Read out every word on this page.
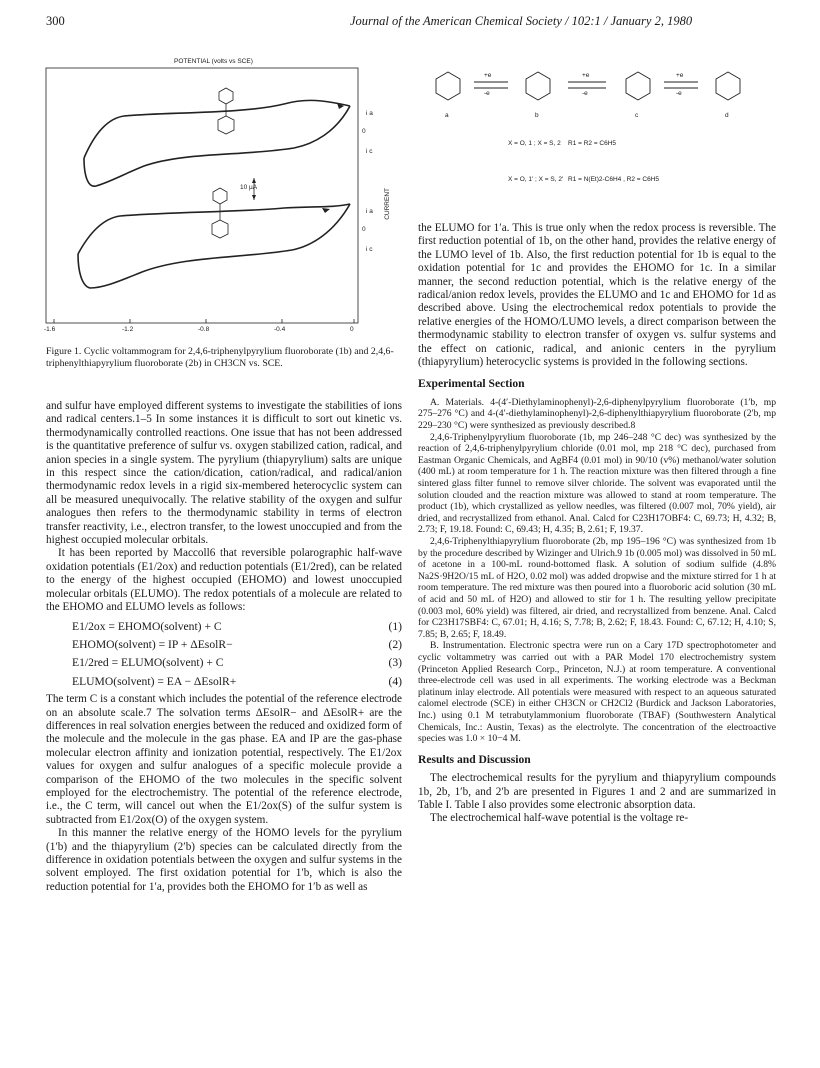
300	Journal of the American Chemical Society / 102:1 / January 2, 1980
POTENTIAL (volts vs SCE)
10 μA
CURRENT
i a
0
i c
i a
0
i c
-1.6	-1.2	-0.8	-0.4	0
Figure 1. Cyclic voltammogram for 2,4,6-triphenylpyrylium fluoroborate (1b) and 2,4,6-triphenylthiapyrylium fluoroborate (2b) in CH3CN vs. SCE.
+e
-e
+e
-e
+e
-e
a	b	c	d
X = O, 1 ; X = S, 2 R1 = R2 = C6H5
X = O, 1′ ; X = S, 2′ R1 = N(Et)2-C6H4 , R2 = C6H5

and sulfur have employed different systems to investigate the stabilities of ions and radical centers.1–5 In some instances it is difficult to sort out kinetic vs. thermodynamically controlled reactions. One issue that has not been addressed is the quantitative preference of sulfur vs. oxygen stabilized cation, radical, and anion species in a single system. The pyrylium (thiapyrylium) salts are unique in this respect since the cation/dication, cation/radical, and radical/anion thermodynamic redox levels in a rigid six-membered heterocyclic system can all be measured unequivocally. The relative stability of the oxygen and sulfur analogues then refers to the thermodynamic stability in terms of electron transfer reactivity, i.e., electron transfer, to the lowest unoccupied and from the highest occupied molecular orbitals.

It has been reported by Maccoll6 that reversible polarographic half-wave oxidation potentials (E1/2ox) and reduction potentials (E1/2red), can be related to the energy of the highest occupied (EHOMO) and lowest unoccupied molecular orbitals (ELUMO). The redox potentials of a molecule are related to the EHOMO and ELUMO levels as follows:

E1/2ox = EHOMO(solvent) + C	(1)
EHOMO(solvent) = IP + ΔEsolR−	(2)
E1/2red = ELUMO(solvent) + C	(3)
ELUMO(solvent) = EA − ΔEsolR+	(4)

The term C is a constant which includes the potential of the reference electrode on an absolute scale.7 The solvation terms ΔEsolR− and ΔEsolR+ are the differences in real solvation energies between the reduced and oxidized form of the molecule and the molecule in the gas phase. EA and IP are the gas-phase molecular electron affinity and ionization potential, respectively. The E1/2ox values for oxygen and sulfur analogues of a specific molecule provide a comparison of the EHOMO of the two molecules in the specific solvent employed for the electrochemistry. The potential of the reference electrode, i.e., the C term, will cancel out when the E1/2ox(S) of the sulfur system is subtracted from E1/2ox(O) of the oxygen system.

In this manner the relative energy of the HOMO levels for the pyrylium (1′b) and the thiapyrylium (2′b) species can be calculated directly from the difference in oxidation potentials between the oxygen and sulfur systems in the solvent employed. The first oxidation potential for 1′b, which is also the reduction potential for 1′a, provides both the EHOMO for 1′b as well as

the ELUMO for 1′a. This is true only when the redox process is reversible. The first reduction potential of 1b, on the other hand, provides the relative energy of the LUMO level of 1b. Also, the first reduction potential for 1b is equal to the oxidation potential for 1c and provides the EHOMO for 1c. In a similar manner, the second reduction potential, which is the relative energy of the radical/anion redox levels, provides the ELUMO and 1c and EHOMO for 1d as described above. Using the electrochemical redox potentials to provide the relative energies of the HOMO/LUMO levels, a direct comparison between the thermodynamic stability to electron transfer of oxygen vs. sulfur systems and the effect on cationic, radical, and anionic centers in the pyrylium (thiapyrylium) heterocyclic systems is provided in the following sections.

Experimental Section

A. Materials. 4-(4′-Diethylaminophenyl)-2,6-diphenylpyrylium fluoroborate (1′b, mp 275–276 °C) and 4-(4′-diethylaminophenyl)-2,6-diphenylthiapyrylium fluoroborate (2′b, mp 229–230 °C) were synthesized as previously described.8

2,4,6-Triphenylpyrylium fluoroborate (1b, mp 246–248 °C dec) was synthesized by the reaction of 2,4,6-triphenylpyrylium chloride (0.01 mol, mp 218 °C dec), purchased from Eastman Organic Chemicals, and AgBF4 (0.01 mol) in 90/10 (v%) methanol/water solution (400 mL) at room temperature for 1 h. The reaction mixture was then filtered through a fine sintered glass filter funnel to remove silver chloride. The solvent was evaporated until the solution clouded and the reaction mixture was allowed to stand at room temperature. The product (1b), which crystallized as yellow needles, was filtered (0.007 mol, 70% yield), air dried, and recrystallized from ethanol. Anal. Calcd for C23H17OBF4: C, 69.73; H, 4.32; B, 2.73; F, 19.18. Found: C, 69.43; H, 4.35; B, 2.61; F, 19.37.

2,4,6-Triphenylthiapyrylium fluoroborate (2b, mp 195–196 °C) was synthesized from 1b by the procedure described by Wizinger and Ulrich.9 1b (0.005 mol) was dissolved in 50 mL of acetone in a 100-mL round-bottomed flask. A solution of sodium sulfide (4.8% Na2S·9H2O/15 mL of H2O, 0.02 mol) was added dropwise and the mixture stirred for 1 h at room temperature. The red mixture was then poured into a fluoroboric acid solution (30 mL of acid and 50 mL of H2O) and allowed to stir for 1 h. The resulting yellow precipitate (0.003 mol, 60% yield) was filtered, air dried, and recrystallized from benzene. Anal. Calcd for C23H17SBF4: C, 67.01; H, 4.16; S, 7.78; B, 2.62; F, 18.43. Found: C, 67.12; H, 4.10; S, 7.85; B, 2.65; F, 18.49.

B. Instrumentation. Electronic spectra were run on a Cary 17D spectrophotometer and cyclic voltammetry was carried out with a PAR Model 170 electrochemistry system (Princeton Applied Research Corp., Princeton, N.J.) at room temperature. A conventional three-electrode cell was used in all experiments. The working electrode was a Beckman platinum inlay electrode. All potentials were measured with respect to an aqueous saturated calomel electrode (SCE) in either CH3CN or CH2Cl2 (Burdick and Jackson Laboratories, Inc.) using 0.1 M tetrabutylammonium fluoroborate (TBAF) (Southwestern Analytical Chemicals, Inc.: Austin, Texas) as the electrolyte. The concentration of the electroactive species was 1.0 × 10−4 M.

Results and Discussion

The electrochemical results for the pyrylium and thiapyrylium compounds 1b, 2b, 1′b, and 2′b are presented in Figures 1 and 2 and are summarized in Table I. Table I also provides some electronic absorption data.

The electrochemical half-wave potential is the voltage re-
